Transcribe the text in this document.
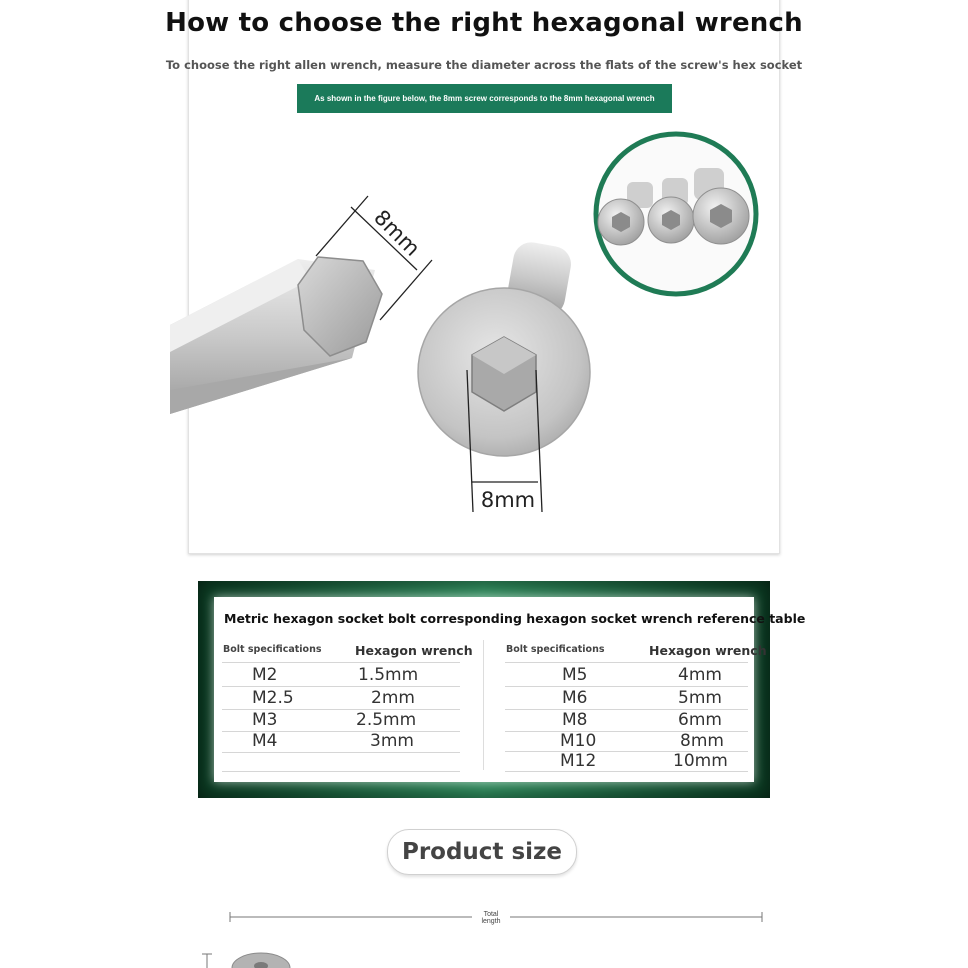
How to choose the right hexagonal wrench
To choose the right allen wrench, measure the diameter across the flats of the screw's hex socket
As shown in the figure below, the 8mm screw corresponds to the 8mm hexagonal wrench
8mm
8mm
Metric hexagon socket bolt corresponding hexagon socket wrench reference table
Bolt specifications	Hexagon wrench	Bolt specifications	Hexagon wrench
M2	1.5mm
M2.5	2mm
M3	2.5mm
M4	3mm
M5	4mm
M6	5mm
M8	6mm
M10	8mm
M12	10mm
Product size
Total
length
